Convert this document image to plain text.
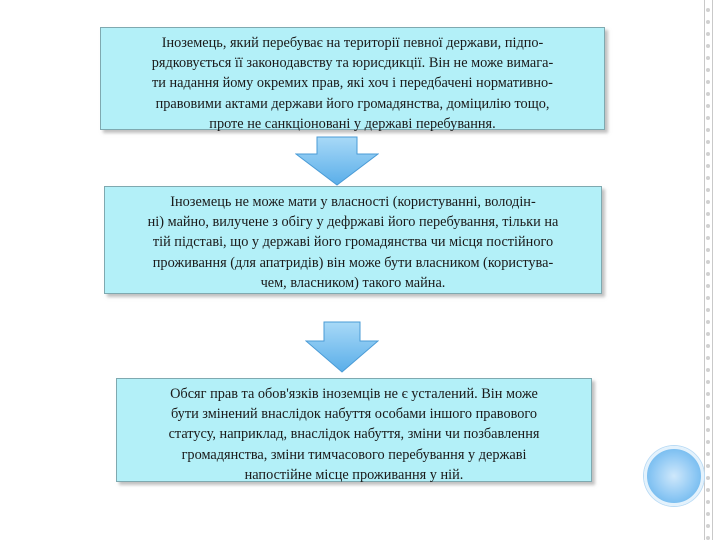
Іноземець, який перебуває на території певної держави, підпо-
рядковується її законодавству та юрисдикції. Він не може вимага-
ти надання йому окремих прав, які хоч і передбачені нормативно-
правовими актами держави його громадянства, доміцилію тощо,
проте не санкціоновані у державі перебування.
Іноземець не може мати у власності (користуванні, володін-
ні) майно, вилучене з обігу у дефржаві його перебування, тільки на
тій підставі, що у державі його громадянства чи місця постійного
проживання (для апатридів) він може бути власником (користува-
чем, власником) такого майна.
Обсяг прав та обов'язків іноземців не є усталений. Він може
бути змінений внаслідок набуття особами іншого правового
статусу, наприклад, внаслідок набуття, зміни чи позбавлення
громадянства, зміни тимчасового перебування у державі
напостійне місце проживання у ній.
